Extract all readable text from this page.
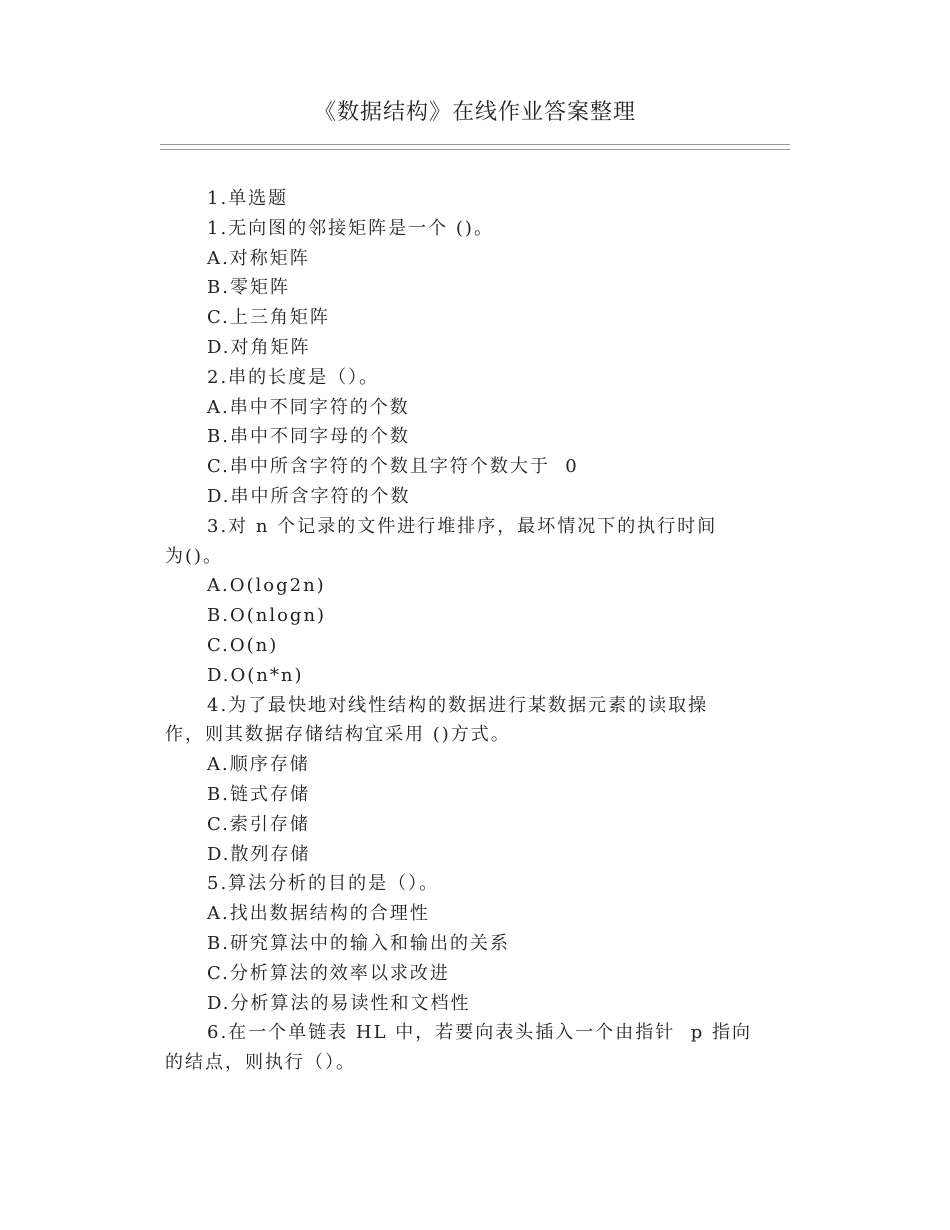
《数据结构》在线作业答案整理

1.单选题

1.无向图的邻接矩阵是一个 ()。

A.对称矩阵

B.零矩阵

C.上三角矩阵

D.对角矩阵

2.串的长度是（）。

A.串中不同字符的个数

B.串中不同字母的个数

C.串中所含字符的个数且字符个数大于  0

D.串中所含字符的个数

3.对 n 个记录的文件进行堆排序，最坏情况下的执行时间

为()。

A.O(log2n)

B.O(nlogn)

C.O(n)

D.O(n*n)

4.为了最快地对线性结构的数据进行某数据元素的读取操

作，则其数据存储结构宜采用 ()方式。

A.顺序存储

B.链式存储

C.索引存储

D.散列存储

5.算法分析的目的是（）。

A.找出数据结构的合理性

B.研究算法中的输入和输出的关系

C.分析算法的效率以求改进

D.分析算法的易读性和文档性

6.在一个单链表 HL 中，若要向表头插入一个由指针  p 指向

的结点，则执行（）。
